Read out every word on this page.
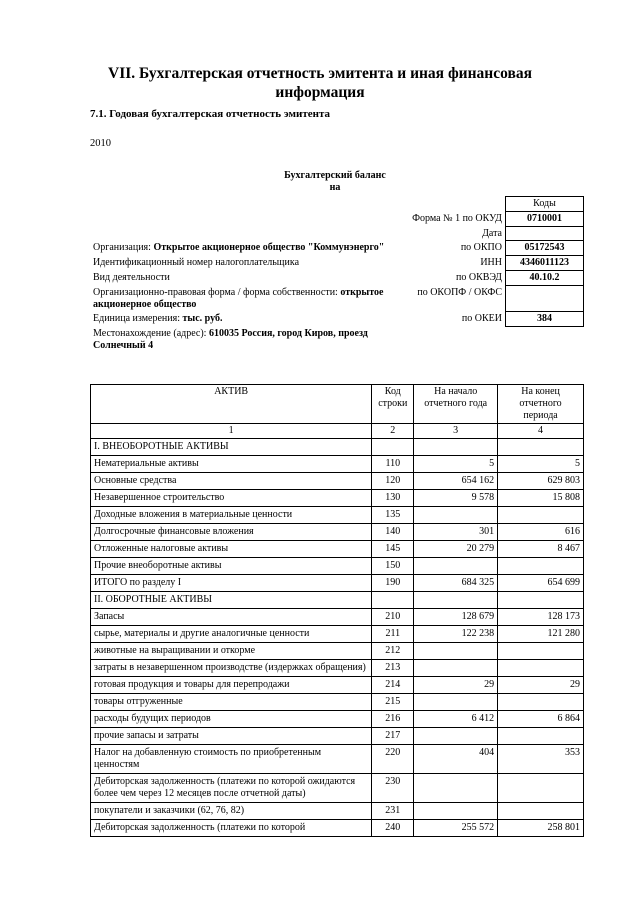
VII. Бухгалтерская отчетность эмитента и иная финансовая информация
7.1. Годовая бухгалтерская отчетность эмитента
2010
Бухгалтерский баланс
на
		Коды
	Форма № 1 по ОКУД	0710001
	Дата	
Организация: Открытое акционерное общество "Коммунэнерго"	по ОКПО	05172543
Идентификационный номер налогоплательщика	ИНН	4346011123
Вид деятельности	по ОКВЭД	40.10.2
Организационно-правовая форма / форма собственности: открытое акционерное общество	по ОКОПФ / ОКФС	
Единица измерения: тыс. руб.	по ОКЕИ	384
Местонахождение (адрес): 610035 Россия, город Киров, проезд Солнечный 4		
АКТИВ	Код строки	На начало отчетного года	На конец отчетного периода
1	2	3	4
I. ВНЕОБОРОТНЫЕ АКТИВЫ			
Нематериальные активы	110	5	5
Основные средства	120	654 162	629 803
Незавершенное строительство	130	9 578	15 808
Доходные вложения в материальные ценности	135		
Долгосрочные финансовые вложения	140	301	616
Отложенные налоговые активы	145	20 279	8 467
Прочие внеоборотные активы	150		
ИТОГО по разделу I	190	684 325	654 699
II. ОБОРОТНЫЕ АКТИВЫ			
Запасы	210	128 679	128 173
сырье, материалы и другие аналогичные ценности	211	122 238	121 280
животные на выращивании и откорме	212		
затраты в незавершенном производстве (издержках обращения)	213		
готовая продукция и товары для перепродажи	214	29	29
товары отгруженные	215		
расходы будущих периодов	216	6 412	6 864
прочие запасы и затраты	217		
Налог на добавленную стоимость по приобретенным ценностям	220	404	353
Дебиторская задолженность (платежи по которой ожидаются более чем через 12 месяцев после отчетной даты)	230		
покупатели и заказчики (62, 76, 82)	231		
Дебиторская задолженность (платежи по которой	240	255 572	258 801
